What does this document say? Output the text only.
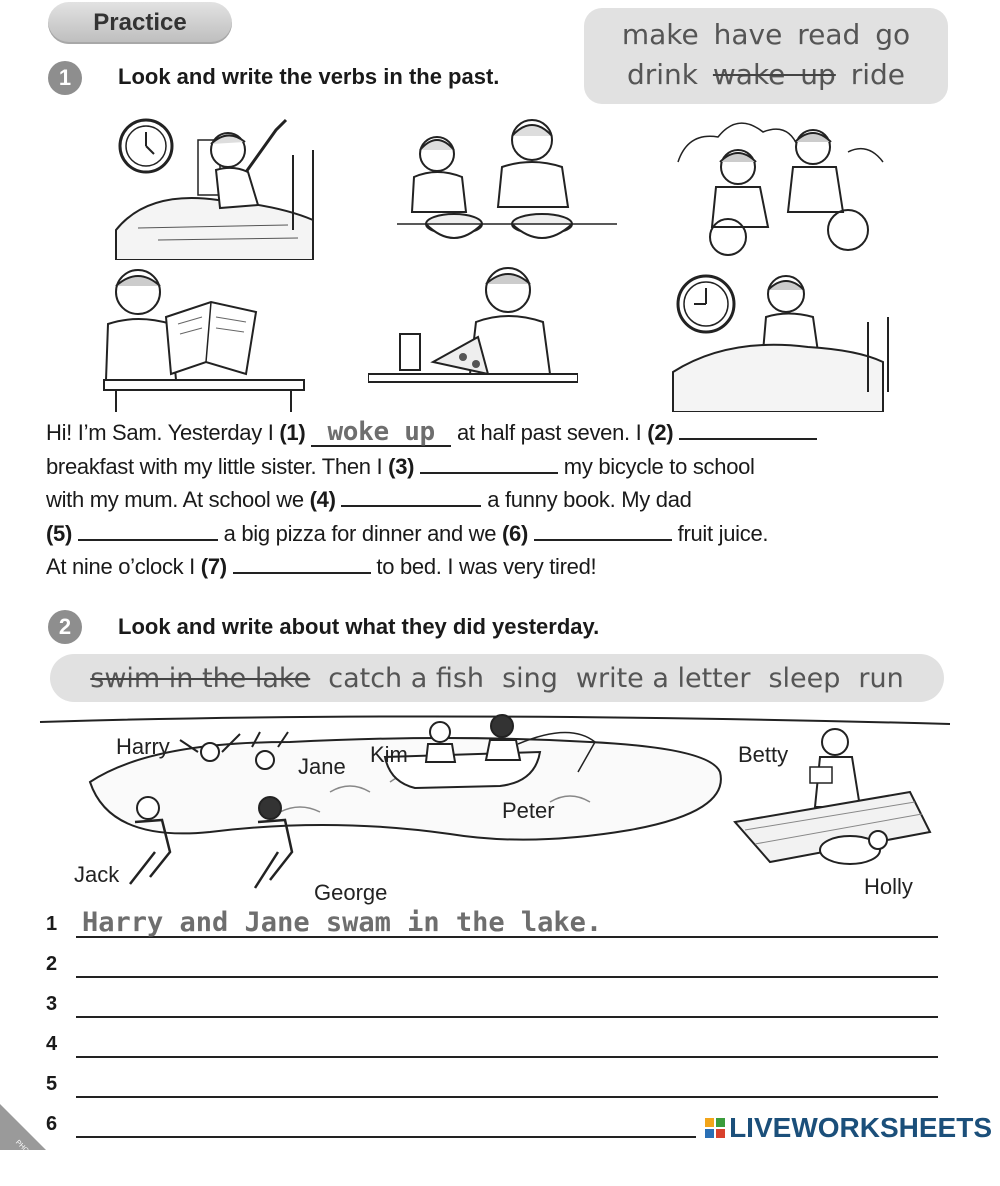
Practice	make have read go
drink wake up ride
1	Look and write the verbs in the past.
Hi! I’m Sam. Yesterday I (1) woke up at half past seven. I (2)
breakfast with my little sister. Then I (3)	my bicycle to school
with my mum. At school we (4)	a funny book. My dad
(5)	a big pizza for dinner and we (6)	fruit juice.
At nine o’clock I (7)	to bed. I was very tired!
2	Look and write about what they did yesterday.
swim in the lake catch a fish sing write a letter sleep run
Harry
Jane Kim
Peter
Betty
Jack
George	Holly
1 Harry and Jane swam in the lake.
2
3
4
5
6
PHOTOCOPIABLE
LIVEWORKSHEETS
